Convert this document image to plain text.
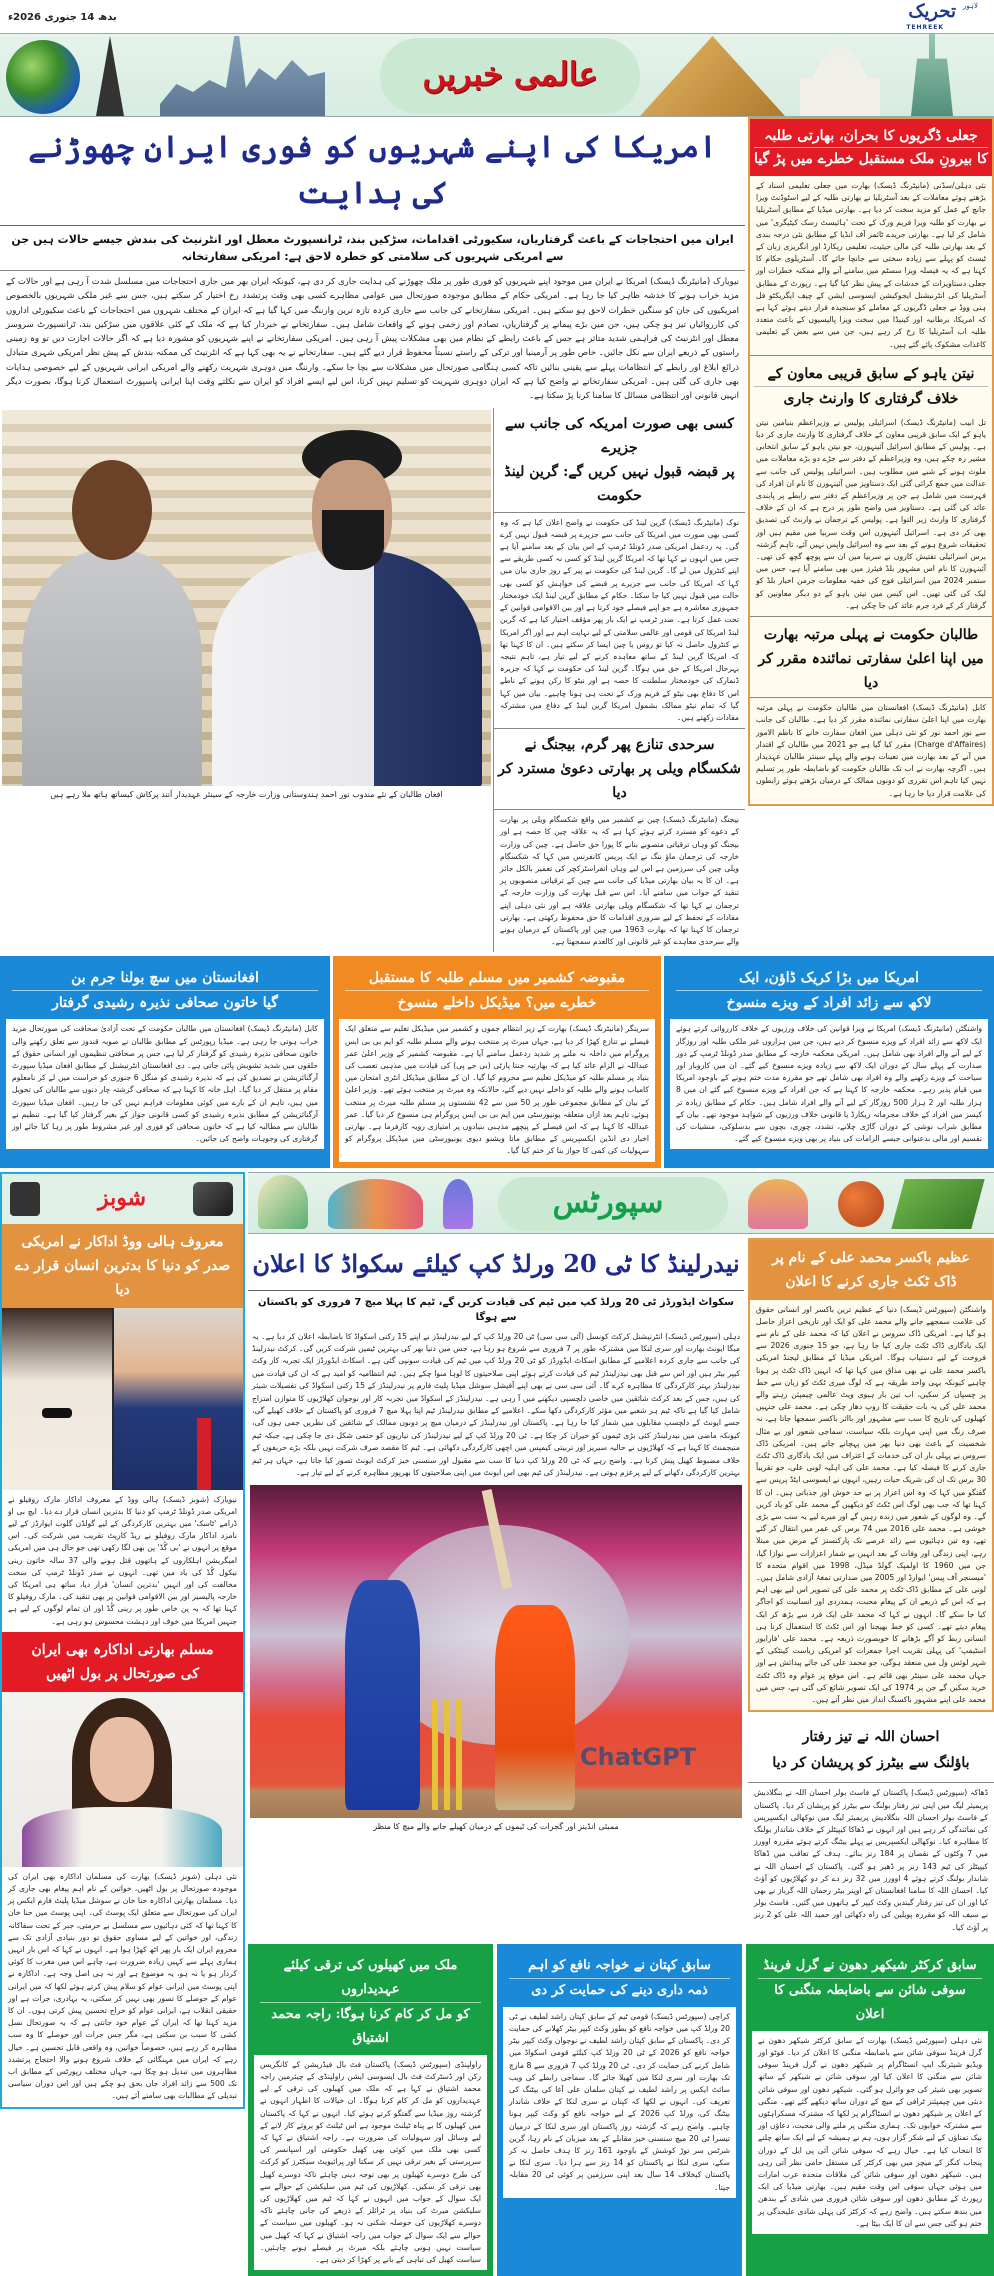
لاہور
تحریک
TEHREEK
بدھ 14 جنوری 2026ء
عالمی خبریں
امریکا کی اپنے شہریوں کو فوری ایران چھوڑنے کی ہدایت
ایران میں احتجاجات کے باعث گرفتاریاں، سکیورٹی اقدامات، سڑکیں بند، ٹرانسپورٹ معطل اور انٹرنیٹ کی بندش جیسے حالات ہیں جن سے امریکی شہریوں کی سلامتی کو خطرہ لاحق ہے: امریکی سفارتخانہ
نیویارک (مانیٹرنگ ڈیسک) امریکا نے ایران میں موجود اپنے شہریوں کو فوری طور پر ملک چھوڑنے کی ہدایت جاری کر دی ہے، کیونکہ ایران بھر میں جاری احتجاجات میں مسلسل شدت آ رہی ہے اور حالات کے مزید خراب ہونے کا خدشہ ظاہر کیا جا رہا ہے۔ امریکی حکام کے مطابق موجودہ صورتحال میں عوامی مظاہرے کسی بھی وقت پرتشدد رخ اختیار کر سکتے ہیں، جس سے غیر ملکی شہریوں بالخصوص امریکیوں کی جان کو سنگین خطرات لاحق ہو سکتے ہیں۔ امریکی سفارتخانے کی جانب سے جاری کردہ تازہ ترین وارننگ میں کہا گیا ہے کہ ایران کے مختلف شہروں میں احتجاجات کے باعث سکیورٹی اداروں کی کارروائیاں تیز ہو چکی ہیں، جن میں بڑے پیمانے پر گرفتاریاں، تصادم اور زخمی ہونے کے واقعات شامل ہیں۔ سفارتخانے نے خبردار کیا ہے کہ ملک کے کئی علاقوں میں سڑکیں بند، ٹرانسپورٹ سروسز معطل اور انٹرنیٹ کی فراہمی شدید متاثر ہے جس کے باعث رابطے کے نظام میں بھی مشکلات پیش آ رہی ہیں۔ امریکی سفارتخانے نے اپنے شہریوں کو مشورہ دیا ہے کہ اگر حالات اجازت دیں تو وہ زمینی راستوں کے ذریعے ایران سے نکل جائیں۔ خاص طور پر آرمینیا اور ترکی کے راستے نسبتاً محفوظ قرار دیے گئے ہیں۔ سفارتخانے نے یہ بھی کہا ہے کہ انٹرنیٹ کی ممکنہ بندش کے پیش نظر امریکی شہری متبادل ذرائع ابلاغ اور رابطے کے انتظامات پہلے سے یقینی بنائیں تاکہ کسی ہنگامی صورتحال میں مشکلات سے بچا جا سکے۔ وارننگ میں دوہری شہریت رکھنے والے امریکی ایرانی شہریوں کے لیے خصوصی ہدایات بھی جاری کی گئی ہیں۔ امریکی سفارتخانے نے واضح کیا ہے کہ ایران دوہری شہریت کو تسلیم نہیں کرتا، اس لیے ایسے افراد کو ایران سے نکلتے وقت اپنا ایرانی پاسپورٹ استعمال کرنا ہوگا، بصورت دیگر انہیں قانونی اور انتظامی مسائل کا سامنا کرنا پڑ سکتا ہے۔
افغان طالبان کے نئے مندوب نور احمد ہندوستانی وزارت خارجہ کے سینئر عہدیدار آنند پرکاش کیساتھ ہاتھ ملا رہے ہیں
کسی بھی صورت امریکہ کی جانب سے جزیرے
پر قبضہ قبول نہیں کریں گے: گرین لینڈ حکومت
نوک (مانیٹرنگ ڈیسک) گرین لینڈ کی حکومت نے واضح اعلان کیا ہے کہ وہ کسی بھی صورت میں امریکا کی جانب سے جزیرے پر قبضہ قبول نہیں کرے گی۔ یہ ردعمل امریکی صدر ڈونلڈ ٹرمپ کے اس بیان کے بعد سامنے آیا ہے جس میں انہوں نے کہا تھا کہ امریکا گرین لینڈ کو کسی نہ کسی طریقے سے اپنے کنٹرول میں لے گا۔ گرین لینڈ کی حکومت نے پیر کے روز جاری بیان میں کہا کہ امریکا کی جانب سے جزیرے پر قبضے کی خواہش کو کسی بھی حالت میں قبول نہیں کیا جا سکتا۔ حکام کے مطابق گرین لینڈ ایک خودمختار جمہوری معاشرہ ہے جو اپنے فیصلے خود کرتا ہے اور بین الاقوامی قوانین کے تحت عمل کرتا ہے۔ صدر ٹرمپ نے ایک بار پھر مؤقف اختیار کیا ہے کہ گرین لینڈ امریکا کی قومی اور عالمی سلامتی کے لیے نہایت اہم ہے اور اگر امریکا نے کنٹرول حاصل نہ کیا تو روس یا چین ایسا کر سکتے ہیں۔ ان کا کہنا تھا کہ امریکا گرین لینڈ کے ساتھ معاہدہ کرنے کے لیے تیار ہے، تاہم نتیجہ بہرحال امریکا کے حق میں ہوگا۔ گرین لینڈ کی حکومت نے کہا کہ جزیرہ ڈنمارک کی خودمختار سلطنت کا حصہ ہے اور نیٹو کا رکن ہونے کے ناطے اس کا دفاع بھی نیٹو کے فریم ورک کے تحت ہی ہونا چاہیے۔ بیان میں کہا گیا کہ تمام نیٹو ممالک بشمول امریکا گرین لینڈ کے دفاع میں مشترکہ مفادات رکھتے ہیں۔
سرحدی تنازع پھر گرم، بیجنگ نے
شکسگام ویلی پر بھارتی دعویٰ مسترد کر دیا
بیجنگ (مانیٹرنگ ڈیسک) چین نے کشمیر میں واقع شکسگام ویلی پر بھارت کے دعوے کو مسترد کرتے ہوئے کہا ہے کہ یہ علاقہ چین کا حصہ ہے اور بیجنگ کو وہاں ترقیاتی منصوبے بنانے کا پورا حق حاصل ہے۔ چین کی وزارت خارجہ کی ترجمان ماؤ ننگ نے ایک پریس کانفرنس میں کہا کہ شکسگام ویلی چین کی سرزمین ہے اس لیے وہاں انفراسٹرکچر کی تعمیر بالکل جائز ہے۔ ان کا یہ بیان بھارتی میڈیا کی جانب سے چین کے ترقیاتی منصوبوں پر تنقید کے جواب میں سامنے آیا۔ اس سے قبل بھارت کی وزارت خارجہ کے ترجمان نے کہا تھا کہ شکسگام ویلی بھارتی علاقہ ہے اور نئی دہلی اپنے مفادات کے تحفظ کے لیے ضروری اقدامات کا حق محفوظ رکھتی ہے۔ بھارتی ترجمان کا کہنا تھا کہ بھارت 1963 میں چین اور پاکستان کے درمیان ہونے والے سرحدی معاہدے کو غیر قانونی اور کالعدم سمجھتا ہے۔
جعلی ڈگریوں کا بحران، بھارتی طلبہ
کا بیرونِ ملک مستقبل خطرے میں پڑ گیا
نئی دہلی/سڈنی (مانیٹرنگ ڈیسک) بھارت میں جعلی تعلیمی اسناد کے بڑھتے ہوئے معاملات کے بعد آسٹریلیا نے بھارتی طلبہ کے لیے اسٹوڈنٹ ویزا جانچ کے عمل کو مزید سخت کر دیا ہے۔ بھارتی میڈیا کے مطابق آسٹریلیا نے بھارت کو طلبہ ویزا فریم ورک کے تحت 'ہائیسٹ رسک کیٹیگری' میں شامل کر لیا ہے۔ بھارتی جریدے ٹائمز آف انڈیا کے مطابق نئی درجہ بندی کے بعد بھارتی طلبہ کی مالی حیثیت، تعلیمی ریکارڈ اور انگریزی زبان کے ٹیسٹ کو پہلے سے زیادہ سختی سے جانچا جائے گا۔ آسٹریلوی حکام کا کہنا ہے کہ یہ فیصلہ ویزا سسٹم میں سامنے آنے والے ممکنہ خطرات اور جعلی دستاویزات کے خدشات کے پیش نظر کیا گیا ہے۔ رپورٹ کے مطابق آسٹریلیا کی انٹرنیشنل ایجوکیشن ایسوسی ایشن کے چیف ایگزیکٹو فل ہنی ووڈ نے جعلی ڈگریوں کے معاملے کو سنجیدہ قرار دیتے ہوئے کہا ہے کہ امریکا، برطانیہ اور کینیڈا میں سخت ویزا پالیسیوں کے باعث متعدد طلبہ اب آسٹریلیا کا رخ کر رہے ہیں، جن میں سے بعض کے تعلیمی کاغذات مشکوک پائے گئے ہیں۔
نیتن یاہو کے سابق قریبی معاون کے
خلاف گرفتاری کا وارنٹ جاری
تل ابیب (مانیٹرنگ ڈیسک) اسرائیلی پولیس نے وزیراعظم بنیامین نیتن یاہو کے ایک سابق قریبی معاون کے خلاف گرفتاری کا وارنٹ جاری کر دیا ہے۔ پولیس کے مطابق اسرائیل آئینہورن، جو نیتن یاہو کے سابق انتخابی مشیر رہ چکے ہیں، وہ وزیراعظم کے دفتر سے جڑے دو بڑے معاملات میں ملوث ہونے کے شبے میں مطلوب ہیں۔ اسرائیلی پولیس کی جانب سے عدالت میں جمع کرائی گئی ایک دستاویز میں آئینہورن کا نام ان افراد کی فہرست میں شامل ہے جن پر وزیراعظم کے دفتر سے رابطے پر پابندی عائد کی گئی ہے۔ دستاویز میں واضح طور پر درج ہے کہ ان کے خلاف گرفتاری کا وارنٹ زیر التوا ہے۔ پولیس کے ترجمان نے وارنٹ کی تصدیق بھی کر دی ہے۔ اسرائیل آئینہورن اس وقت سربیا میں مقیم ہیں اور تحقیقات شروع ہونے کے بعد سے وہ اسرائیل واپس نہیں آئے، تاہم گزشتہ برس اسرائیلی تفتیش کاروں نے سربیا میں ان سے پوچھ گچھ کی تھی۔ آئینہورن کا نام اس مشہور بلڈ فیئرز میں بھی سامنے آیا ہے، جس میں ستمبر 2024 میں اسرائیلی فوج کی خفیہ معلومات جرمن اخبار بلڈ کو لیک کی گئی تھیں۔ اس کیس میں نیتن یاہو کے دو دیگر معاونین کو گرفتار کر کے فرد جرم عائد کی جا چکی ہے۔
طالبان حکومت نے پہلی مرتبہ بھارت
میں اپنا اعلیٰ سفارتی نمائندہ مقرر کر دیا
کابل (مانیٹرنگ ڈیسک) افغانستان میں طالبان حکومت نے پہلی مرتبہ بھارت میں اپنا اعلیٰ سفارتی نمائندہ مقرر کر دیا ہے۔ طالبان کی جانب سے نور احمد نور کو نئی دہلی میں افغان سفارت خانے کا ناظم الامور (Charge d'Affaires) مقرر کیا گیا ہے جو 2021 میں طالبان کے اقتدار میں آنے کے بعد بھارت میں تعینات ہونے والے پہلے سینئر طالبان عہدیدار ہیں۔ اگرچہ بھارت نے اب تک طالبان حکومت کو باضابطہ طور پر تسلیم نہیں کیا تاہم اس تقرری کو دونوں ممالک کے درمیان بڑھتے ہوئے رابطوں کی علامت قرار دیا جا رہا ہے۔
افغانستان میں سچ بولنا جرم بن
گیا خاتون صحافی نذیرہ رشیدی گرفتار
کابل (مانیٹرنگ ڈیسک) افغانستان میں طالبان حکومت کے تحت آزادیٔ صحافت کی صورتحال مزید خراب ہوتی جا رہی ہے۔ میڈیا رپورٹس کے مطابق طالبان نے صوبہ قندوز سے تعلق رکھنے والی خاتون صحافی نذیرہ رشیدی کو گرفتار کر لیا ہے، جس پر صحافتی تنظیموں اور انسانی حقوق کے حلقوں میں شدید تشویش پائی جاتی ہے۔ دی افغانستان انٹرنیشنل کے مطابق افغان میڈیا سپورٹ آرگنائزیشن نے تصدیق کی ہے کہ نذیرہ رشیدی کو منگل 6 جنوری کو حراست میں لے کر نامعلوم مقام پر منتقل کر دیا گیا۔ اہل خانہ کا کہنا ہے کہ صحافی گزشتہ چار دنوں سے طالبان کی تحویل میں ہیں، تاہم ان کے بارے میں کوئی معلومات فراہم نہیں کی جا رہیں۔ افغان میڈیا سپورٹ آرگنائزیشن کے مطابق نذیرہ رشیدی کو کسی قانونی جواز کے بغیر گرفتار کیا گیا ہے۔ تنظیم نے طالبان سے مطالبہ کیا ہے کہ خاتون صحافی کو فوری اور غیر مشروط طور پر رہا کیا جائے اور گرفتاری کی وجوہات واضح کی جائیں۔
مقبوضہ کشمیر میں مسلم طلبہ کا مستقبل
خطرے میں؟ میڈیکل داخلے منسوخ
سرینگر (مانیٹرنگ ڈیسک) بھارت کے زیر انتظام جموں و کشمیر میں میڈیکل تعلیم سے متعلق ایک فیصلے نے تنازع کھڑا کر دیا ہے، جہاں میرٹ پر منتخب ہونے والے مسلم طلبہ کو ایم بی بی ایس پروگرام میں داخلہ نہ ملنے پر شدید ردعمل سامنے آیا ہے۔ مقبوضہ کشمیر کے وزیر اعلیٰ عمر عبداللہ نے الزام عائد کیا ہے کہ بھارتیہ جنتا پارٹی (بی جے پی) کی قیادت میں مذہبی تعصب کی بنیاد پر مسلم طلبہ کو میڈیکل تعلیم سے محروم کیا گیا۔ ان کے مطابق میڈیکل انٹری امتحان میں کامیاب ہونے والے طلبہ کو داخلے نہیں دیے گئے، حالانکہ وہ میرٹ پر منتخب ہوئے تھے۔ وزیر اعلیٰ کے بیان کے مطابق مجموعی طور پر 50 میں سے 42 نشستوں پر مسلم طلبہ میرٹ پر منتخب ہوئے، تاہم بعد ازاں متعلقہ یونیورسٹی میں ایم بی بی ایس پروگرام ہی منسوخ کر دیا گیا۔ عمر عبداللہ کا کہنا ہے کہ اس فیصلے کے پیچھے مذہبی بنیادوں پر امتیازی رویہ کارفرما ہے۔ بھارتی اخبار دی انڈین ایکسپریس کے مطابق ماتا ویشنو دیوی یونیورسٹی میں میڈیکل پروگرام کو سہولیات کی کمی کا جواز بنا کر ختم کیا گیا۔
امریکا میں بڑا کریک ڈاؤن، ایک
لاکھ سے زائد افراد کے ویزے منسوخ
واشنگٹن (مانیٹرنگ ڈیسک) امریکا نے ویزا قوانین کی خلاف ورزیوں کے خلاف کارروائی کرتے ہوئے ایک لاکھ سے زائد افراد کے ویزے منسوخ کر دیے ہیں، جن میں ہزاروں غیر ملکی طلبہ اور روزگار کے لیے آنے والے افراد بھی شامل ہیں۔ امریکی محکمہ خارجہ کے مطابق صدر ڈونلڈ ٹرمپ کے دور صدارت کے پہلے سال کے دوران ایک لاکھ سے زیادہ ویزے منسوخ کیے گئے۔ ان میں کاروبار اور سیاحت کے ویزے رکھنے والے وہ افراد بھی شامل تھے جو مقررہ مدت ختم ہونے کے باوجود امریکا میں قیام پذیر رہے۔ محکمہ خارجہ کا کہنا ہے کہ جن افراد کے ویزے منسوخ کیے گئے ان میں 8 ہزار طلبہ اور 2 ہزار 500 روزگار کے لیے آنے والے افراد شامل ہیں۔ حکام کے مطابق زیادہ تر کیسز میں افراد کے خلاف مجرمانہ ریکارڈ یا قانونی خلاف ورزیوں کے شواہد موجود تھے۔ بیان کے مطابق شراب نوشی کے دوران گاڑی چلانے، تشدد، چوری، بچوں سے بدسلوکی، منشیات کی تقسیم اور مالی بدعنوانی جیسے الزامات کی بنیاد پر بھی ویزے منسوخ کیے گئے۔
شوبز
معروف ہالی ووڈ اداکار نے امریکی
صدر کو دنیا کا بدترین انسان قرار دے دیا
نیویارک (شوبز ڈیسک) ہالی ووڈ کے معروف اداکار مارک روفیلو نے امریکی صدر ڈونلڈ ٹرمپ کو دنیا کا بدترین انسان قرار دے دیا۔ ایچ بی او ڈرامے 'ٹاسک' میں بہترین کارکردگی کے لیے گولڈن گلوب ایوارڈز کے لیے نامزد اداکار مارک روفیلو نے ریڈ کارپٹ تقریب میں شرکت کی۔ اس موقع پر انہوں نے 'بی گُڈ' پن بھی لگا رکھی تھی جو حال ہی میں امریکی امیگریشن اہلکاروں کے ہاتھوں قتل ہونے والی 37 سالہ خاتون رینی نیکول گُڈ کی یاد میں تھی۔ انہوں نے صدر ڈونلڈ ٹرمپ کی سخت مخالفت کی اور انہیں 'بدترین انسان' قرار دیا، ساتھ ہی امریکا کی خارجہ پالیسیز اور بین الاقوامی قوانین پر بھی تنقید کی۔ مارک روفیلو کا کہنا تھا کہ یہ پن خاص طور پر رینی گُڈ اور ان تمام لوگوں کے لیے ہے جنہیں امریکا میں خوف اور دہشت محسوس ہو رہی ہے۔
مسلم بھارتی اداکارہ بھی ایران
کی صورتحال پر بول اٹھیں
نئی دہلی (شوبز ڈیسک) بھارت کی مسلمان اداکارہ بھی ایران کی موجودہ صورتحال پر بول اٹھیں، خواتین کے نام اہم پیغام بھی جاری کر دیا۔ مسلمان بھارتی اداکارہ حنا خان نے سوشل میڈیا پلیٹ فارم ایکس پر ایران کی صورتحال سے متعلق ایک پوسٹ کی۔ اپنی پوسٹ میں حنا خان کا کہنا تھا کہ کئی دہائیوں سے مسلسل بے حرمتی، جبر کے تحت سفاکانہ زندگی، اور خواتین کے لیے مساوی حقوق تو دور بنیادی آزادی تک سے محروم ایران ایک بار پھر اٹھ کھڑا ہوا ہے۔ انہوں نے کہا کہ اس بار انہیں ہماری پہلے سے کہیں زیادہ ضرورت ہے، چاہے اس میں مغرب کا کوئی کردار ہو یا نہ ہو، یہ موضوع ہے اور نہ ہی اصل وجہ ہے۔ اداکارہ نے اپنی پوسٹ میں ایرانی عوام کو سلام پیش کرتے ہوئے لکھا کہ میں ایرانی عوام کے حوصلے کا تصور بھی نہیں کر سکتی، یہ بہادری، جرات ہے اور حقیقی انقلاب ہے، ایرانی عوام کو خراج تحسین پیش کرتی ہوں۔ ان کا مزید کہنا تھا کہ ایران کے عوام خود جانتی ہے کہ یہ صورتحال نسل کشی کا سبب بن سکتی ہے، مگر جس جرات اور حوصلے کا وہ سب مظاہرہ کر رہے ہیں، خصوصاً خواتین، وہ واقعی قابل تحسین ہے۔ خیال رہے کہ ایران میں مہنگائی کے خلاف شروع ہونے والا احتجاج پرتشدد مظاہروں میں تبدیل ہو چکا ہے، جہاں مختلف رپورٹس کے مطابق اب تک 500 سے زائد افراد جاں بحق ہو چکے ہیں اور اس دوران سیاسی تبدیلی کے مطالبات بھی سامنے آئے ہیں۔
سپورٹس
نیدرلینڈ کا ٹی 20 ورلڈ کپ کیلئے سکواڈ کا اعلان
سکواٹ ایڈورڈز ٹی 20 ورلڈ کپ میں ٹیم کی قیادت کریں گے، ٹیم کا پہلا میچ 7 فروری کو پاکستان سے ہوگا
دہلی (سپورٹس ڈیسک) انٹرنیشنل کرکٹ کونسل (آئی سی سی) ٹی 20 ورلڈ کپ کے لیے نیدرلینڈز نے اپنے 15 رکنی اسکواڈ کا باضابطہ اعلان کر دیا ہے۔ یہ میگا ایونٹ بھارت اور سری لنکا میں مشترکہ طور پر 7 فروری سے شروع ہو رہا ہے، جس میں دنیا بھر کی بہترین ٹیمیں شرکت کریں گی۔ کرکٹ نیدرلینڈ کی جانب سے جاری کردہ اعلامیے کے مطابق اسکاٹ ایڈورڈز کو ٹی 20 ورلڈ کپ میں ٹیم کی قیادت سونپی گئی ہے۔ اسکاٹ ایڈورڈز ایک تجربہ کار وکٹ کیپر بیٹر ہیں اور اس سے قبل بھی نیدرلینڈز ٹیم کی قیادت کرتے ہوئے اپنی صلاحیتوں کا لوہا منوا چکے ہیں۔ ٹیم انتظامیہ کو امید ہے کہ ان کی قیادت میں نیدرلینڈز بہتر کارکردگی کا مظاہرہ کرے گا۔ آئی سی سی نے بھی اپنے آفیشل سوشل میڈیا پلیٹ فارم پر نیدرلینڈز کے 15 رکنی اسکواڈ کی تفصیلات شیئر کی ہیں، جس کے بعد کرکٹ شائقین میں خاصی دلچسپی دیکھنے میں آ رہی ہے۔ نیدرلینڈز کے اسکواڈ میں تجربہ کار اور نوجوان کھلاڑیوں کا متوازن امتزاج شامل کیا گیا ہے تاکہ ٹیم ہر شعبے میں مؤثر کارکردگی دکھا سکے۔ اعلامیے کے مطابق نیدرلینڈز ٹیم اپنا پہلا میچ 7 فروری کو پاکستان کے خلاف کھیلے گی، جسے ایونٹ کے دلچسپ مقابلوں میں شمار کیا جا رہا ہے۔ پاکستان اور نیدرلینڈز کے درمیان میچ پر دونوں ممالک کے شائقین کی نظریں جمی ہوں گی، کیونکہ ماضی میں نیدرلینڈز کئی بڑی ٹیموں کو حیران کر چکا ہے۔ ٹی 20 ورلڈ کپ کے لیے نیدرلینڈز کی تیاریوں کو حتمی شکل دی جا چکی ہے، جبکہ ٹیم منیجمنٹ کا کہنا ہے کہ کھلاڑیوں نے حالیہ سیریز اور تربیتی کیمپس میں اچھی کارکردگی دکھائی ہے۔ ٹیم کا مقصد صرف شرکت نہیں بلکہ بڑے حریفوں کے خلاف مضبوط کھیل پیش کرنا ہے۔ واضح رہے کہ ٹی 20 ورلڈ کپ دنیا کا سب سے مقبول اور سنسنی خیز کرکٹ ایونٹ تصور کیا جاتا ہے، جہاں ہر ٹیم بہترین کارکردگی دکھانے کے لیے پرعزم ہوتی ہے۔ نیدرلینڈز کی ٹیم بھی اس ایونٹ میں اپنی صلاحیتوں کا بھرپور مظاہرہ کرنے کے لیے تیار ہے۔
ChatGPT
ممبئی انڈینز اور گجرات کی ٹیموں کے درمیان کھیلے جانے والے میچ کا منظر
عظیم باکسر محمد علی کے نام پر
ڈاک ٹکٹ جاری کرنے کا اعلان
واشنگٹن (سپورٹس ڈیسک) دنیا کے عظیم ترین باکسر اور انسانی حقوق کی علامت سمجھے جانے والے محمد علی کو ایک اور تاریخی اعزاز حاصل ہو گیا ہے۔ امریکی ڈاک سروس نے اعلان کیا کہ محمد علی کے نام سے ایک یادگاری ڈاک ٹکٹ جاری کیا جا رہا ہے، جو 15 جنوری 2026 سے فروخت کے لیے دستیاب ہوگا۔ امریکی میڈیا کے مطابق لیجنڈ امریکی باکسر محمد علی نے بھی مذاق میں کہا تھا کہ انہیں ڈاک ٹکٹ پر ہونا چاہیے کیونکہ یہی واحد طریقہ ہے کہ لوگ میری ٹکٹ کو زبان سے خط پر چسپاں کر سکیں، اب تین بار ہیوی ویٹ عالمی چیمپئن رہنے والے محمد علی کی یہ بات حقیقت کا روپ دھار چکی ہے۔ محمد علی جنہیں کھیلوں کی تاریخ کا سب سے مشہور اور بااثر باکسر سمجھا جاتا ہے، نہ صرف رنگ میں اپنی مہارت بلکہ سیاست، سماجی شعور اور بے مثال شخصیت کے باعث بھی دنیا بھر میں پہچانے جاتے ہیں۔ امریکی ڈاک سروس نے پہلی بار ان کی خدمات کے اعتراف میں ایک یادگاری ڈاک ٹکٹ جاری کرنے کا فیصلہ کیا ہے۔ محمد علی کی اہلیہ لونی علی، جو تقریباً 30 برس تک ان کی شریک حیات رہیں، انہوں نے ایسوسی ایٹڈ پریس سے گفتگو میں کہا کہ وہ اس اعزاز پر بے حد خوش اور جذباتی ہیں۔ ان کا کہنا تھا کہ جب بھی لوگ اس ٹکٹ کو دیکھیں گے محمد علی کو یاد کریں گے۔ وہ لوگوں کے شعور میں زندہ رہیں گے اور میرے لیے یہ سب سے بڑی خوشی ہے۔ محمد علی 2016 میں 74 برس کی عمر میں انتقال کر گئے تھے، وہ تین دہائیوں سے زائد عرصے تک پارکنسنز کے مرض میں مبتلا رہے، اپنی زندگی اور وفات کے بعد انہیں بے شمار اعزازات سے نوازا گیا، جن میں 1960 کا اولمپک گولڈ میڈل، 1998 میں اقوام متحدہ کا 'میسنجر آف پیس' ایوارڈ اور 2005 میں صدارتی تمغۂ آزادی شامل ہیں۔ لونی علی کے مطابق ڈاک ٹکٹ پر محمد علی کی تصویر اس لیے بھی اہم ہے کہ اس کے ذریعے ان کے پیغام محبت، ہمدردی اور انسانیت کو اجاگر کیا جا سکے گا۔ انہوں نے کہا کہ محمد علی ایک فرد سے بڑھ کر ایک پیغام دیتے تھے۔ کسی کو خط بھیجنا اور اس ٹکٹ کا استعمال کرنا ہی انسانی ربط کو آگے بڑھانے کا خوبصورت ذریعہ ہے۔ محمد علی 'فارایور اسٹیمپ' کی پہلی تقریب اجرا جمعرات کو امریکی ریاست کینٹکی کے شہر لوئس ول میں منعقد ہوگی، جو محمد علی کی جائے پیدائش ہے اور جہاں محمد علی سینٹر بھی قائم ہے۔ اس موقع پر عوام وہ ڈاک ٹکٹ خرید سکیں گے جن پر 1974 کی ایک تصویر شائع کی گئی ہے، جس میں محمد علی اپنے مشہور باکسنگ انداز میں نظر آتے ہیں۔
احسان اللہ نے تیز رفتار
باؤلنگ سے بیٹرز کو پریشان کر دیا
ڈھاکہ (سپورٹس ڈیسک) پاکستان کے فاسٹ بولر احسان اللہ نے بنگلادیش پریمیئر لیگ میں اپنی تیز رفتار بولنگ سے بیٹرز کو پریشان کر دیا۔ پاکستان کے فاسٹ بولر احسان اللہ بنگلادیش پریمیئر لیگ میں نوکھالی ایکسپریس کی نمائندگی کر رہے ہیں اور انہوں نے ڈھاکا کیپیٹلز کے خلاف شاندار بولنگ کا مظاہرہ کیا۔ نوکھالی ایکسپریس نے پہلے بیٹنگ کرتے ہوئے مقررہ اوورز میں 7 وکٹوں کے نقصان پر 184 رنز بنائے۔ ہدف کے تعاقب میں ڈھاکا کیپیٹلز کی ٹیم 143 رنز پر ڈھیر ہو گئی۔ پاکستان کے احسان اللہ نے شاندار بولنگ کرتے ہوئے 4 اوورز میں 32 رنز دے کر دو کھلاڑیوں کو آؤٹ کیا۔ احسان اللہ کا سامنا افغانستان کے اوپنر بیٹر رحمان اللہ گرباز نے بھی کیا اور ان کی تیز رفتار گیندیں وکٹ کیپر کے ہاتھوں میں گئیں۔ فاسٹ بولر نے سیف اللہ کو مقررہ پویلین کی راہ دکھائی اور حمید اللہ علی کو 2 رنز پر آؤٹ کیا۔
ملک میں کھیلوں کی ترقی کیلئے عہدیداروں
کو مل کر کام کرنا ہوگا: راجہ محمد اشتیاق
راولپنڈی (سپورٹس ڈیسک) پاکستان فٹ بال فیڈریشن کے کانگریس رکن اور ڈسٹرکٹ فٹ بال ایسوسی ایشن راولپنڈی کے چیئرمین راجہ محمد اشتیاق نے کہا ہے کہ ملک میں کھیلوں کی ترقی کے لیے عہدیداروں کو مل کر کام کرنا ہوگا۔ ان خیالات کا اظہار انہوں نے گزشتہ روز میڈیا سے گفتگو کرتے ہوئے کیا۔ انہوں نے کہا کہ پاکستان میں کھیلوں کا بے پناہ ٹیلنٹ موجود ہے اس ٹیلنٹ کو بروئے کار لانے کے لیے وسائل اور سہولیات کی ضرورت ہے۔ راجہ اشتیاق نے کہا کہ کسی بھی ملک میں کوئی بھی کھیل حکومتی اور اسپانسر کی سرپرستی کے بغیر ترقی نہیں کر سکتا اور پرائیویٹ سیکٹرز کو کرکٹ کی طرح دوسرے کھیلوں پر بھی توجہ دینی چاہئے تاکہ دوسرے کھیل بھی ترقی کر سکیں۔ کھلاڑیوں کی ٹیم میں سلیکشن کے حوالے سے ایک سوال کے جواب میں انہوں نے کہا کہ ٹیم میں کھلاڑیوں کی سلیکشن میرٹ کی بنیاد پر ٹرائلز کے ذریعے کی جانی چاہئے تاکہ دوسرے کھلاڑیوں کی حوصلہ شکنی نہ ہو۔ کھیلوں میں سیاست کے حوالے سے ایک سوال کے جواب میں راجہ اشتیاق نے کہا کہ کھیل میں سیاست نہیں ہونی چاہئے بلکہ میرٹ پر فیصلے ہونے چاہئیں۔ سیاست کھیل کی تباہی کے بانے پر کھڑا کر دیتی ہے۔
سابق کپتان نے خواجہ نافع کو اہم
ذمہ داری دینے کی حمایت کر دی
کراچی (سپورٹس ڈیسک) قومی ٹیم کے سابق کپتان راشد لطیف نے ٹی 20 ورلڈ کپ میں خواجہ نافع کو بطور وکٹ کیپر بیٹر کھلانے کی حمایت کر دی۔ پاکستان کے سابق کپتان راشد لطیف نے نوجوان وکٹ کیپر بیٹر خواجہ نافع کو 2026 کے ٹی 20 ورلڈ کپ کیلئے قومی اسکواڈ میں شامل کرنے کی حمایت کر دی۔ ٹی 20 ورلڈ کپ 7 فروری سے 8 مارچ تک بھارت اور سری لنکا میں کھیلا جائے گا۔ سماجی رابطے کی ویب سائٹ ایکس پر راشد لطیف نے کپتان سلمان علی آغا کی بیٹنگ کی تعریف کی۔ انہوں نے لکھا کہ کپتان نے سری لنکا کے خلاف شاندار بیٹنگ کی، ورلڈ کپ 2026 کے لیے خواجہ نافع کو وکٹ کیپر ہونا چاہیے۔ واضح رہے کہ گزشتہ روز پاکستان اور سری لنکا کے درمیان تیسرا ٹی 20 میچ سنسنی خیز مقابلے کے بعد میزبان کے نام رہا، گرین شرٹس سر توڑ کوشش کے باوجود 161 رنز کا ہدف حاصل نہ کر سکے، سری لنکا نے پاکستان کو 14 رنز سے ہرا دیا۔ سری لنکا نے پاکستان کیخلاف 14 سال بعد اپنی سرزمین پر کوئی ٹی 20 مقابلہ جیتا۔
سابق کرکٹر شیکھر دھون نے گرل فرینڈ
سوفی شائن سے باضابطہ منگنی کا اعلان
نئی دہلی (سپورٹس ڈیسک) بھارت کے سابق کرکٹر شیکھر دھون نے گرل فرینڈ سوفی شائن سے باضابطہ منگنی کا اعلان کر دیا۔ فوٹو اور ویڈیو شیئرنگ ایپ انسٹاگرام پر شیکھر دھون نے گرل فرینڈ سوفی شائن سے منگنی کا اعلان کیا اور سوفی شائن نے شیکھر کے ساتھ تصویر بھی شیئر کی جو وائرل ہو گئی۔ شیکھر دھون اور سوفی شائن دبئی میں چیمپئنز ٹرافی کے میچ کے دوران ساتھ دیکھے گئے تھے۔ منگنی کے اعلان پر شیکھر دھون نے انسٹاگرام پر لکھا کہ مشترکہ مسکراہٹوں سے مشترکہ خوابوں تک۔ ہماری منگنی پر ملنے والی محبت، دعاؤں اور نیک تمناؤں کے لیے شکر گزار ہوں، ہم نے ہمیشہ کے لیے ایک ساتھ چلنے کا انتخاب کیا ہے۔ خیال رہے کہ سوفی شائن آئی پی ایل کے دوران پنجاب کنگز کے میچز میں بھی کرکٹر کی مستقل حامی نظر آتی رہی ہیں۔ شیکھر دھون اور سوفی شائن کی ملاقات متحدہ عرب امارات میں ہوئی جہاں سوفی اس وقت مقیم ہیں۔ بھارتی میڈیا کی ایک رپورٹ کے مطابق دھون اور سوفی شائن فروری میں شادی کے بندھن میں بندھ سکتے ہیں۔ واضح رہے کہ کرکٹر کی پہلی شادی علیحدگی پر ختم ہو گئی جس سے ان کا ایک بیٹا ہے۔
